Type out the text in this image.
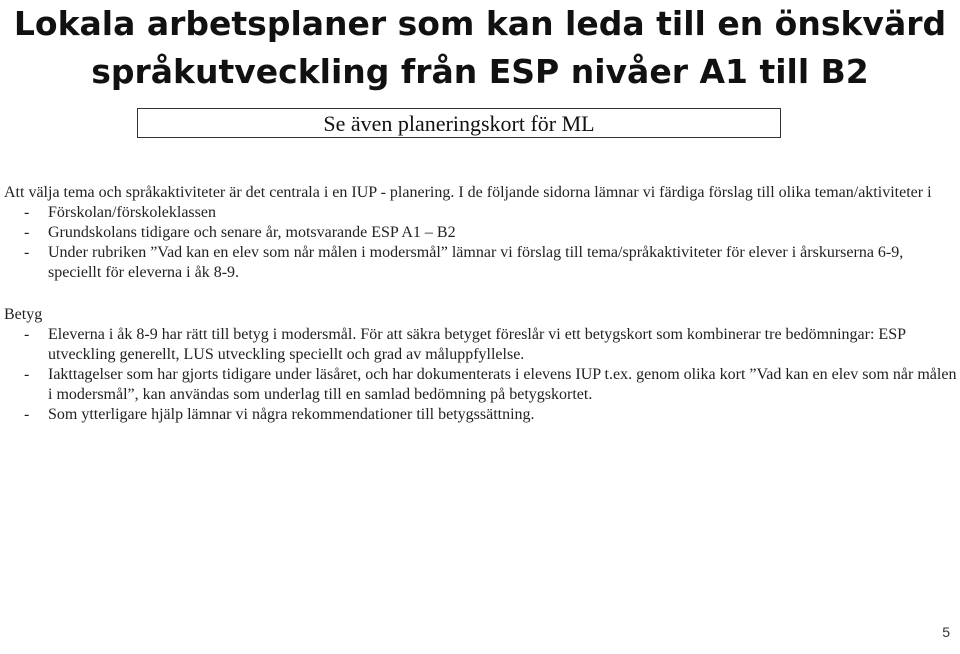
Lokala arbetsplaner som kan leda till en önskvärd
språkutveckling från ESP nivåer A1 till B2
Se även planeringskort för ML

Att välja tema och språkaktiviteter är det centrala i en IUP - planering. I de följande sidorna lämnar vi färdiga förslag till olika teman/aktiviteter i

- Förskolan/förskoleklassen
- Grundskolans tidigare och senare år, motsvarande ESP A1 – B2
- Under rubriken ”Vad kan en elev som når målen i modersmål” lämnar vi förslag till tema/språkaktiviteter för elever i årskurserna 6-9, speciellt för eleverna i åk 8-9.

Betyg

- Eleverna i åk 8-9 har rätt till betyg i modersmål. För att säkra betyget föreslår vi ett betygskort som kombinerar tre bedömningar: ESP utveckling generellt, LUS utveckling speciellt och grad av måluppfyllelse.
- Iakttagelser som har gjorts tidigare under läsåret, och har dokumenterats i elevens IUP t.ex. genom olika kort ”Vad kan en elev som når målen i modersmål”, kan användas som underlag till en samlad bedömning på betygskortet.
- Som ytterligare hjälp lämnar vi några rekommendationer till betygssättning.
5
